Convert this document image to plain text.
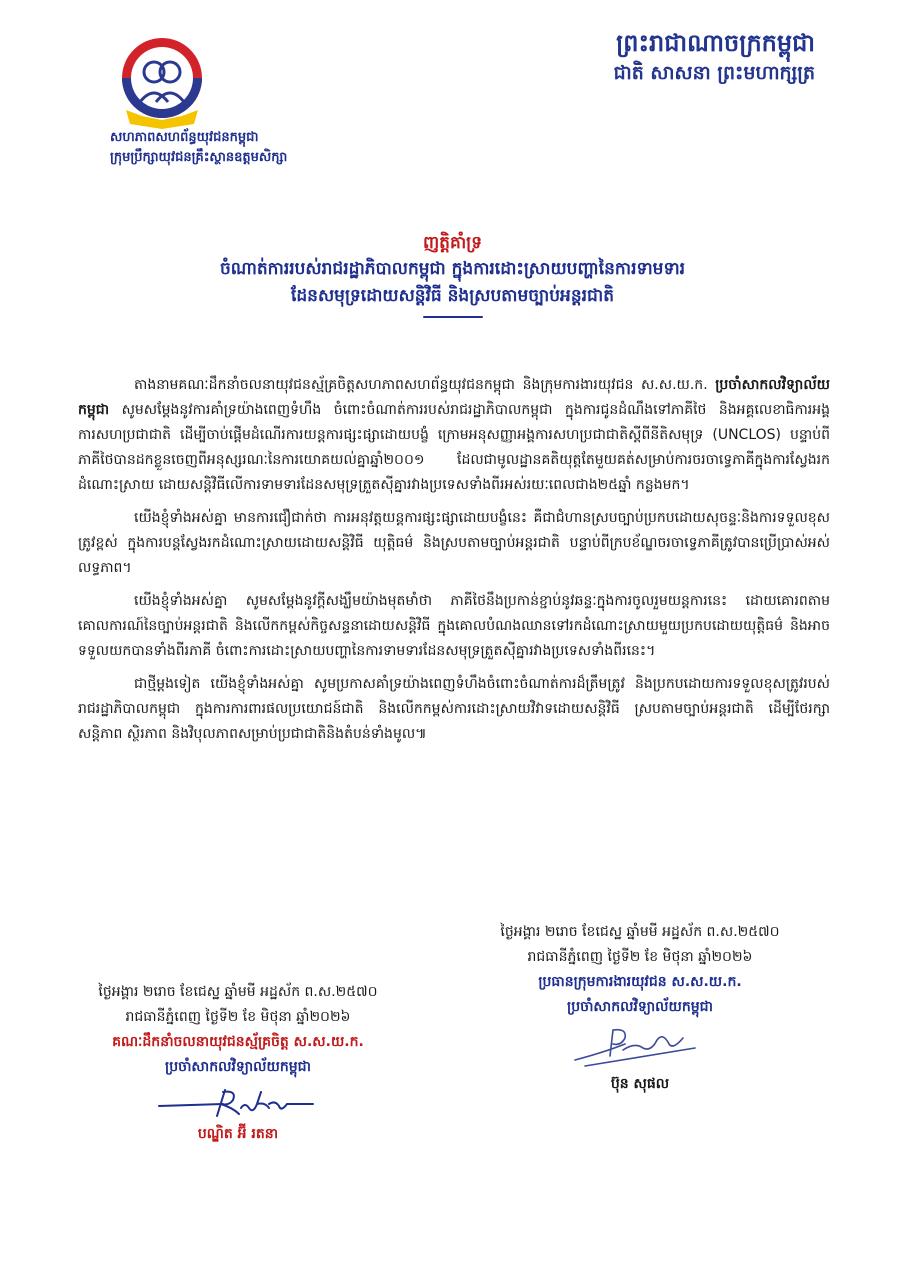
សហភាពសហព័ន្ធយុវជនកម្ពុជា
ក្រុមប្រឹក្សាយុវជនគ្រឹះស្ថានឧត្តមសិក្សា
ព្រះរាជាណាចក្រកម្ពុជា
ជាតិ សាសនា ព្រះមហាក្សត្រ
ញត្តិគាំទ្រ
ចំណាត់ការរបស់រាជរដ្ឋាភិបាលកម្ពុជា ក្នុងការដោះស្រាយបញ្ហានៃការទាមទារ
ដែនសមុទ្រដោយសន្តិវិធី និងស្របតាមច្បាប់អន្តរជាតិ

តាងនាមគណៈដឹកនាំចលនាយុវជនស្ម័គ្រចិត្តសហភាពសហព័ន្ធយុវជនកម្ពុជា និងក្រុមការងារយុវជន ស.ស.យ.ក. ប្រចាំសាកលវិទ្យាល័យកម្ពុជា សូមសម្តែងនូវការគាំទ្រយ៉ាងពេញទំហឹង ចំពោះចំណាត់ការរបស់រាជរដ្ឋាភិបាលកម្ពុជា ក្នុងការជូនដំណឹងទៅភាគីថៃ និងអគ្គលេខាធិការអង្គការសហប្រជាជាតិ ដើម្បីចាប់ផ្តើមដំណើរការយន្តការផ្សះផ្សាដោយបង្ខំ ក្រោមអនុសញ្ញាអង្គការសហប្រជាជាតិស្តីពីនីតិសមុទ្រ (UNCLOS) បន្ទាប់ពីភាគីថៃបានដកខ្លួនចេញពីអនុស្សរណៈនៃការយោគយល់គ្នាឆ្នាំ២០០១ ដែលជាមូលដ្ឋានគតិយុត្តតែមួយគត់សម្រាប់ការចរចាទ្វេភាគីក្នុងការស្វែងរកដំណោះស្រាយ ដោយសន្តិវិធីលើការទាមទារដែនសមុទ្រត្រួតស៊ីគ្នារវាងប្រទេសទាំងពីរអស់រយៈពេលជាង២៥ឆ្នាំ កន្លងមក។

យើងខ្ញុំទាំងអស់គ្នា មានការជឿជាក់ថា ការអនុវត្តយន្តការផ្សះផ្សាដោយបង្ខំនេះ គឺជាជំហានស្របច្បាប់ប្រកបដោយសុចន្ទៈនិងការទទួលខុសត្រូវខ្ពស់ ក្នុងការបន្តស្វែងរកដំណោះស្រាយដោយសន្តិវិធី យុត្តិធម៌ និងស្របតាមច្បាប់អន្តរជាតិ បន្ទាប់ពីក្របខ័ណ្ឌចរចាទ្វេភាគីត្រូវបានប្រើប្រាស់អស់លទ្ធភាព។

យើងខ្ញុំទាំងអស់គ្នា សូមសម្តែងនូវក្តីសង្ឃឹមយ៉ាងមុតមាំថា ភាគីថៃនឹងប្រកាន់ខ្ជាប់នូវឆន្ទៈក្នុងការចូលរួមយន្តការនេះ ដោយគោរពតាមគោលការណ៍នៃច្បាប់អន្តរជាតិ និងលើកកម្ពស់កិច្ចសន្ទនាដោយសន្តិវិធី ក្នុងគោលបំណងឈានទៅរកដំណោះស្រាយមួយប្រកបដោយយុត្តិធម៌ និងអាចទទួលយកបានទាំងពីរភាគី ចំពោះការដោះស្រាយបញ្ហានៃការទាមទារដែនសមុទ្រត្រួតស៊ីគ្នារវាងប្រទេសទាំងពីរនេះ។

ជាថ្មីម្តងទៀត យើងខ្ញុំទាំងអស់គ្នា សូមប្រកាសគាំទ្រយ៉ាងពេញទំហឹងចំពោះចំណាត់ការដ៏ត្រឹមត្រូវ និងប្រកបដោយការទទួលខុសត្រូវរបស់រាជរដ្ឋាភិបាលកម្ពុជា ក្នុងការការពារផលប្រយោជន៍ជាតិ និងលើកកម្ពស់ការដោះស្រាយវិវាទដោយសន្តិវិធី ស្របតាមច្បាប់អន្តរជាតិ ដើម្បីថែរក្សាសន្តិភាព ស្ថិរភាព និងវិបុលភាពសម្រាប់ប្រជាជាតិនិងតំបន់ទាំងមូល៕

ថ្ងៃអង្គារ ២រោច ខែជេស្ឋ ឆ្នាំមមី អដ្ឋស័ក ព.ស.២៥៧០
រាជធានីភ្នំពេញ ថ្ងៃទី២ ខែ មិថុនា ឆ្នាំ២០២៦
ប្រធានក្រុមការងារយុវជន ស.ស.យ.ក.
ប្រចាំសាកលវិទ្យាល័យកម្ពុជា
ប៊ុន សុផល
ថ្ងៃអង្គារ ២រោច ខែជេស្ឋ ឆ្នាំមមី អដ្ឋស័ក ព.ស.២៥៧០
រាជធានីភ្នំពេញ ថ្ងៃទី២ ខែ មិថុនា ឆ្នាំ២០២៦
គណៈដឹកនាំចលនាយុវជនស្ម័គ្រចិត្ត ស.ស.យ.ក.
ប្រចាំសាកលវិទ្យាល័យកម្ពុជា
បណ្ឌិត អ៊ី រតនា
